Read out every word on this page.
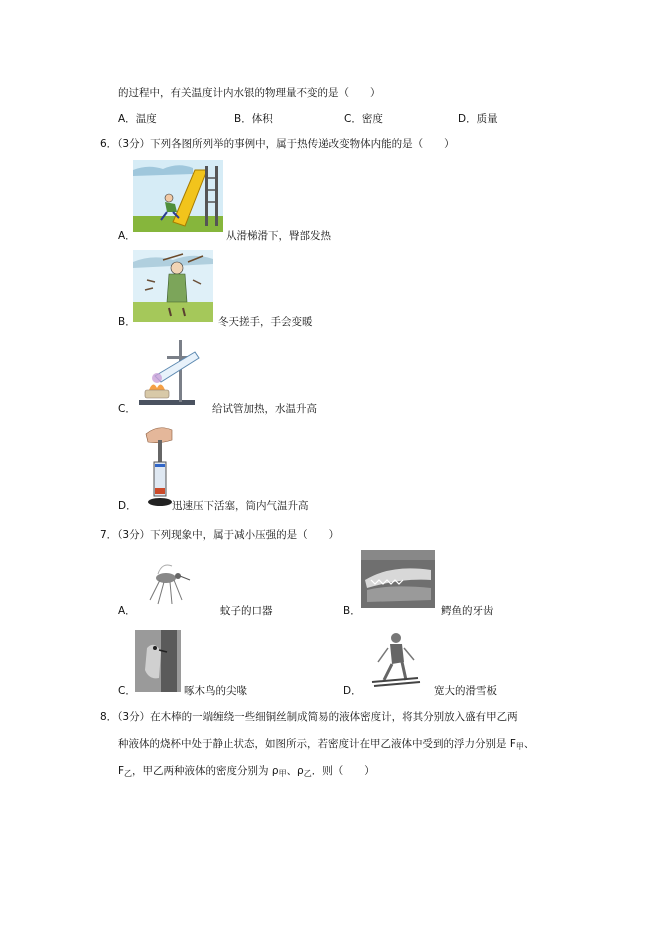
的过程中，有关温度计内水银的物理量不变的是（　　）
A．温度	B．体积	C．密度	D．质量
6．（3分）下列各图所列举的事例中，属于热传递改变物体内能的是（　　）
A．	从滑梯滑下，臀部发热
B．	冬天搓手，手会变暖
C．	给试管加热，水温升高
D．	迅速压下活塞，筒内气温升高
7．（3分）下列现象中，属于减小压强的是（　　）
A．	蚊子的口器	B．	鳄鱼的牙齿
C．	啄木鸟的尖喙	D．	宽大的滑雪板
8．（3分）在木棒的一端缠绕一些细铜丝制成简易的液体密度计，将其分别放入盛有甲乙两
种液体的烧杯中处于静止状态，如图所示，若密度计在甲乙液体中受到的浮力分别是 $F_甲$、
$F_乙$，甲乙两种液体的密度分别为 $\rho_甲$、$\rho_乙$．则（　　）
